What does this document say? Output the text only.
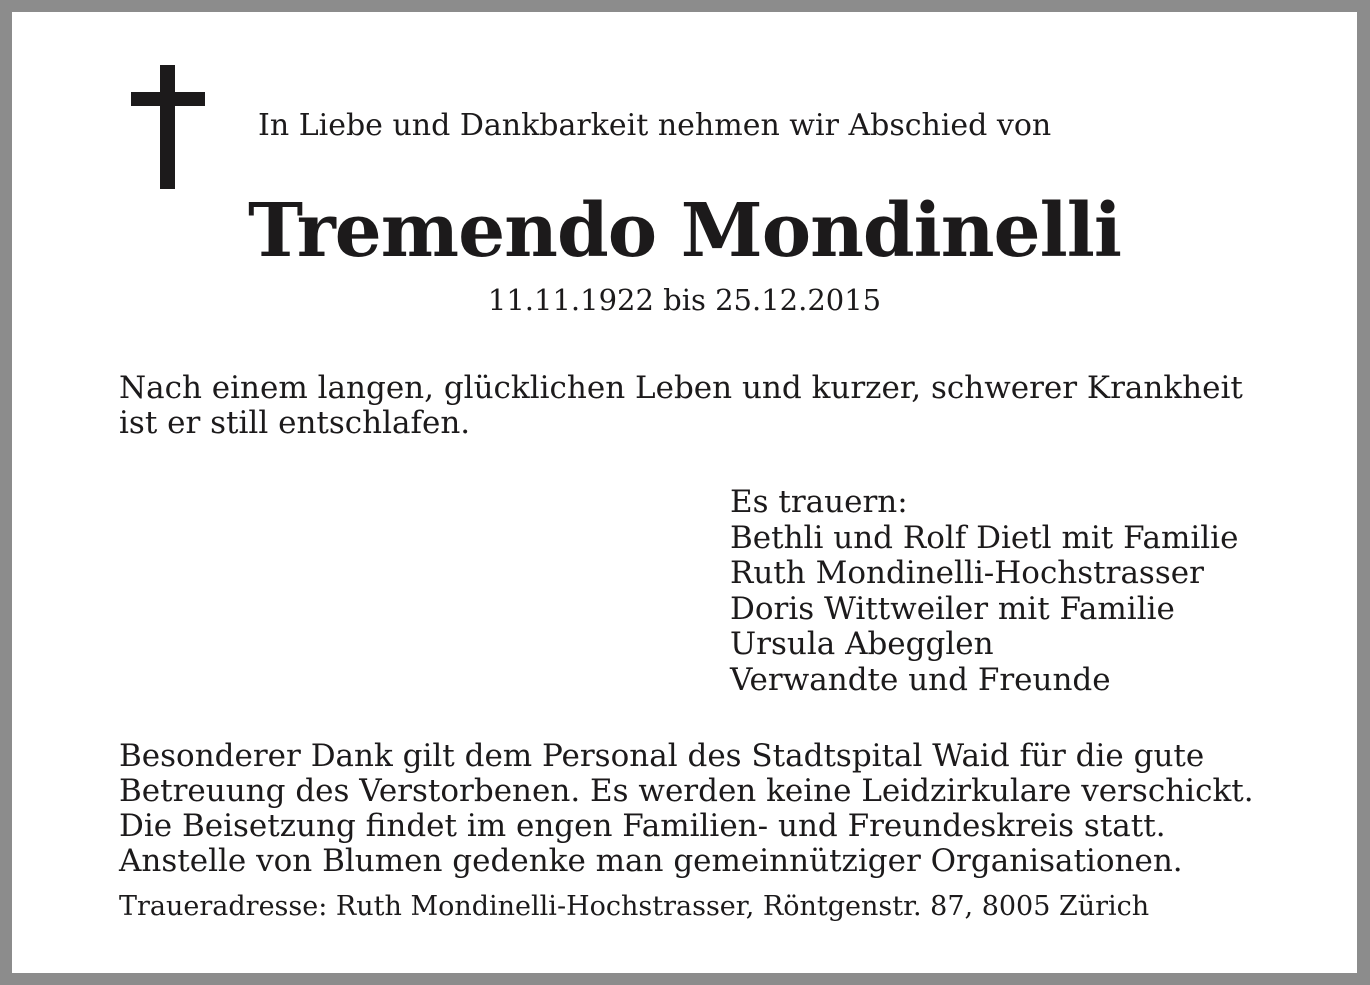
In Liebe und Dankbarkeit nehmen wir Abschied von
Tremendo Mondinelli
11.11.1922 bis 25.12.2015
Nach einem langen, glücklichen Leben und kurzer, schwerer Krankheit
ist er still entschlafen.
Es trauern:
Bethli und Rolf Dietl mit Familie
Ruth Mondinelli-Hochstrasser
Doris Wittweiler mit Familie
Ursula Abegglen
Verwandte und Freunde
Besonderer Dank gilt dem Personal des Stadtspital Waid für die gute
Betreuung des Verstorbenen. Es werden keine Leidzirkulare verschickt.
Die Beisetzung findet im engen Familien- und Freundeskreis statt.
Anstelle von Blumen gedenke man gemeinnütziger Organisationen.
Traueradresse: Ruth Mondinelli-Hochstrasser, Röntgenstr. 87, 8005 Zürich
